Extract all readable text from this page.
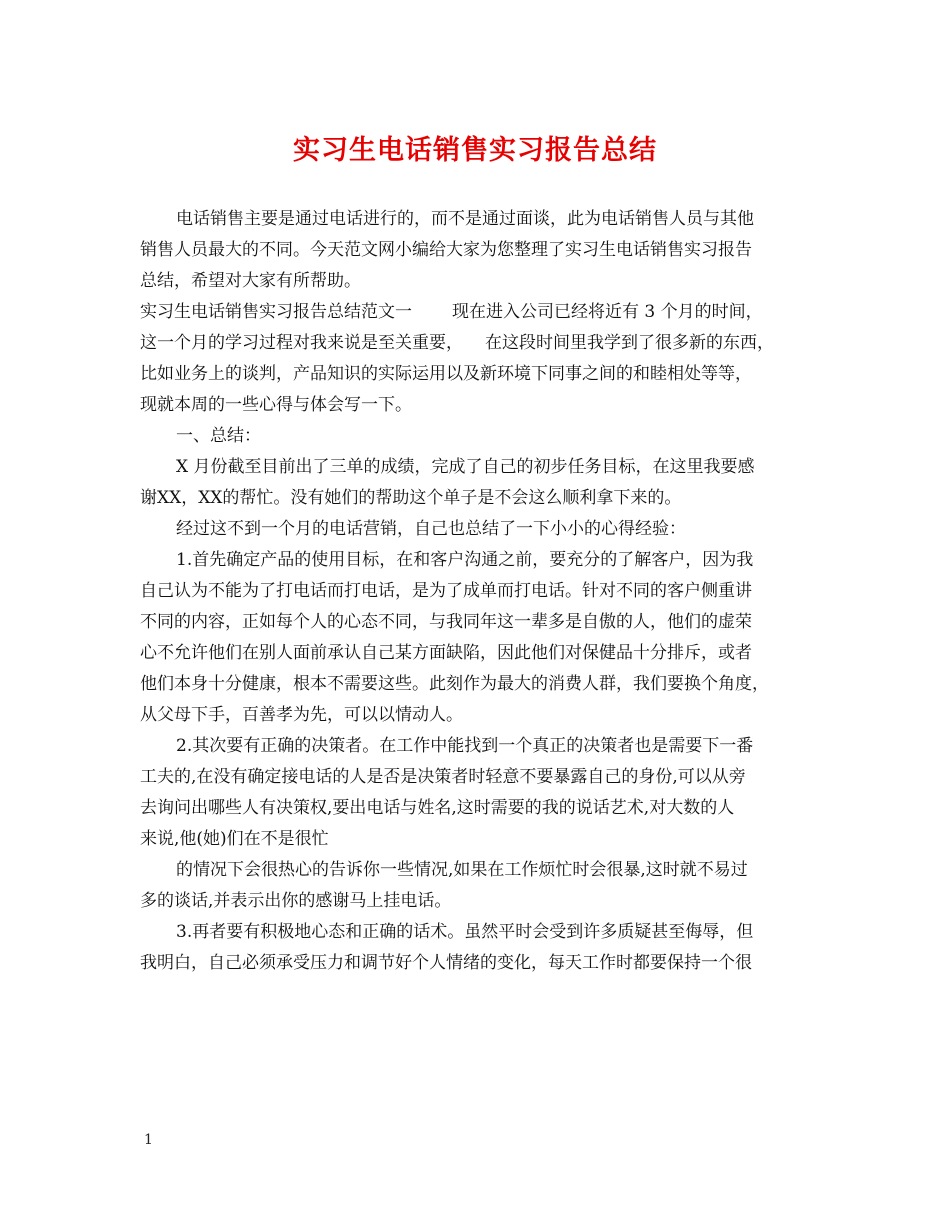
实习生电话销售实习报告总结
电话销售主要是通过电话进行的，而不是通过面谈，此为电话销售人员与其他
销售人员最大的不同。今天范文网小编给大家为您整理了实习生电话销售实习报告
总结，希望对大家有所帮助。
实习生电话销售实习报告总结范文一 现在进入公司已经将近有 3 个月的时间，
这一个月的学习过程对我来说是至关重要， 在这段时间里我学到了很多新的东西，
比如业务上的谈判，产品知识的实际运用以及新环境下同事之间的和睦相处等等，
现就本周的一些心得与体会写一下。
一、总结：
X 月份截至目前出了三单的成绩，完成了自己的初步任务目标，在这里我要感
谢XX，XX的帮忙。没有她们的帮助这个单子是不会这么顺利拿下来的。
经过这不到一个月的电话营销，自己也总结了一下小小的心得经验：
1.首先确定产品的使用目标，在和客户沟通之前，要充分的了解客户，因为我
自己认为不能为了打电话而打电话，是为了成单而打电话。针对不同的客户侧重讲
不同的内容，正如每个人的心态不同，与我同年这一辈多是自傲的人，他们的虚荣
心不允许他们在别人面前承认自己某方面缺陷，因此他们对保健品十分排斥，或者
他们本身十分健康，根本不需要这些。此刻作为最大的消费人群，我们要换个角度，
从父母下手，百善孝为先，可以以情动人。
2.其次要有正确的决策者。在工作中能找到一个真正的决策者也是需要下一番
工夫的,在没有确定接电话的人是否是决策者时轻意不要暴露自己的身份,可以从旁
去询问出哪些人有决策权,要出电话与姓名,这时需要的我的说话艺术,对大数的人
来说,他(她)们在不是很忙
的情况下会很热心的告诉你一些情况,如果在工作烦忙时会很暴,这时就不易过
多的谈话,并表示出你的感谢马上挂电话。
3.再者要有积极地心态和正确的话术。虽然平时会受到许多质疑甚至侮辱，但
我明白，自己必须承受压力和调节好个人情绪的变化，每天工作时都要保持一个很
1
